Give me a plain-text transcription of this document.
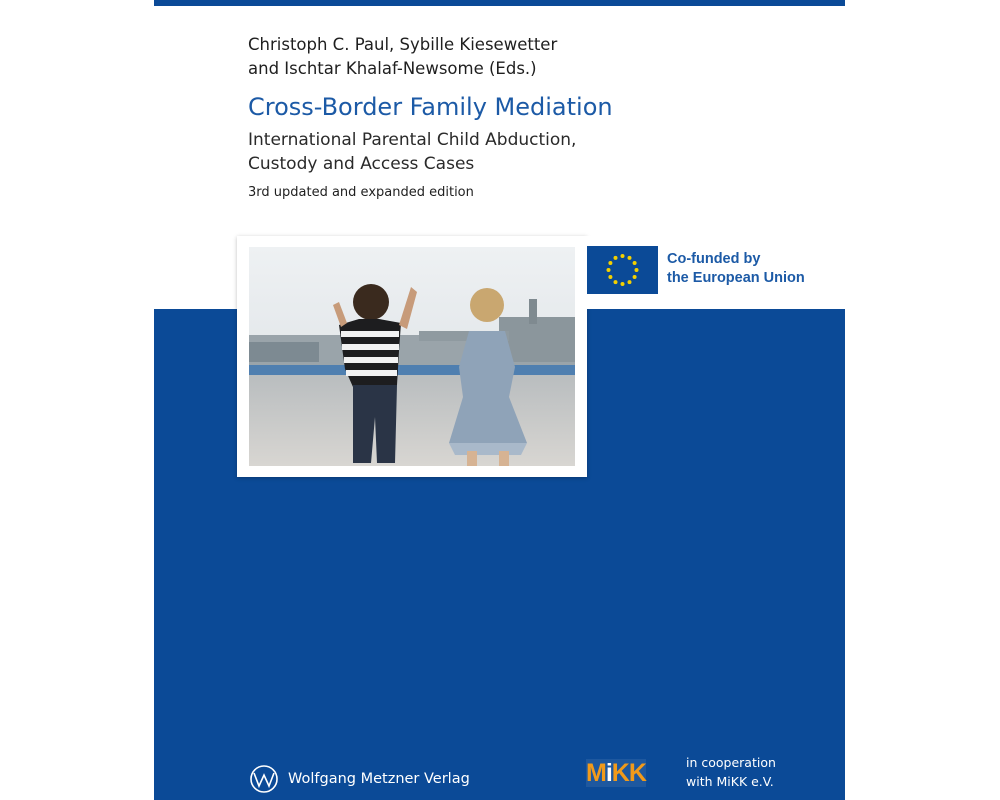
Christoph C. Paul, Sybille Kiesewetter
and Ischtar Khalaf-Newsome (Eds.)
Cross-Border Family Mediation
International Parental Child Abduction,
Custody and Access Cases
3rd updated and expanded edition
Co-funded by
the European Union
Wolfgang Metzner Verlag	MiKK	in cooperation
with MiKK e.V.
